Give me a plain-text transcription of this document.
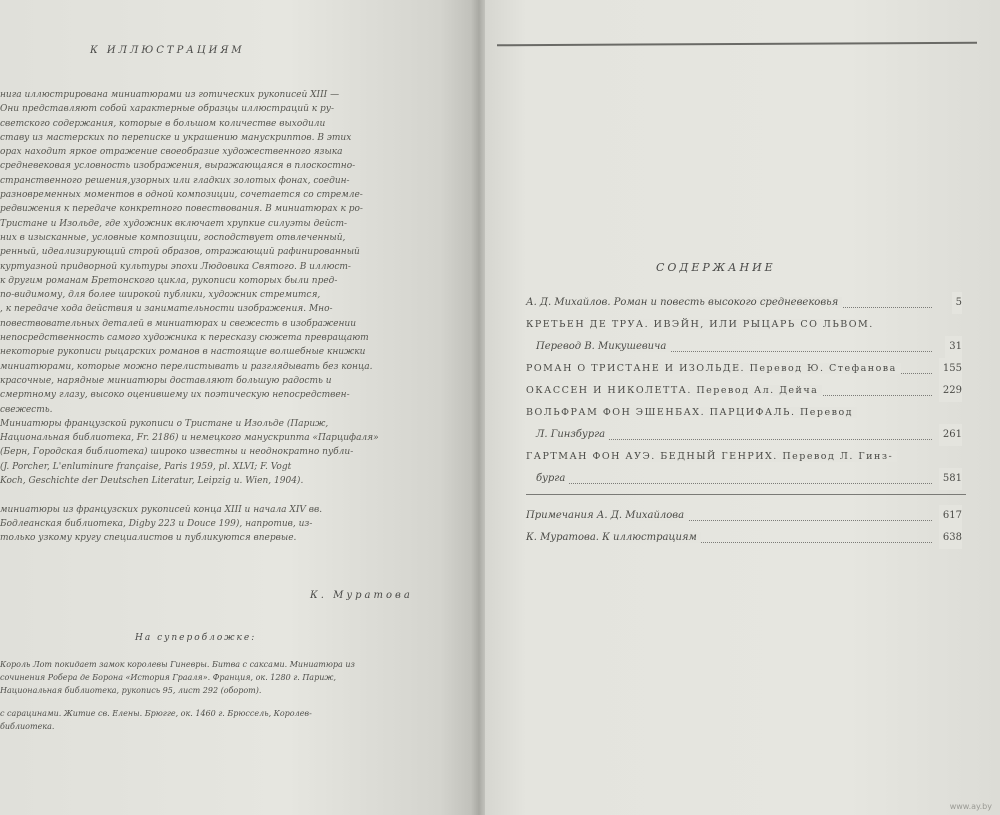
К ИЛЛЮСТРАЦИЯМ
нига иллюстрирована миниатюрами из готических рукописей XIII —
Они представляют собой характерные образцы иллюстраций к ру-
светского содержания, которые в большом количестве выходили
ставу из мастерских по переписке и украшению манускриптов. В этих
орах находит яркое отражение своеобразие художественного языка
средневековая условность изображения, выражающаяся в плоскостно-
странственного решения,узорных или гладких золотых фонах, соедин-
разновременных моментов в одной композиции, сочетается со стремле-
редвижения к передаче конкретного повествования. В миниатюрах к ро-
Тристане и Изольде, где художник включает хрупкие силуэты дейст-
них в изысканные, условные композиции, господствует отвлеченный,
ренный, идеализирующий строй образов, отражающий рафинированный
куртуазной придворной культуры эпохи Людовика Святого. В иллюст-
к другим романам Бретонского цикла, рукописи которых были пред-
по-видимому, для более широкой публики, художник стремится,
, к передаче хода действия и занимательности изображения. Мно-
повествовательных деталей в миниатюрах и свежесть в изображении
непосредственность самого художника к пересказу сюжета превращают
некоторые рукописи рыцарских романов в настоящие волшебные книжки
миниатюрами, которые можно перелистывать и разглядывать без конца.
красочные, нарядные миниатюры доставляют большую радость и
смертному глазу, высоко оценившему их поэтическую непосредствен-
свежесть.
Миниатюры французской рукописи о Тристане и Изольде (Париж,
Национальная библиотека, Fr. 2186) и немецкого манускрипта «Парцифаля»
(Берн, Городская библиотека) широко известны и неоднократно публи-
(J. Porcher, L'enluminure française, Paris 1959, pl. XLVI; F. Vogt
Koch, Geschichte der Deutschen Literatur, Leipzig u. Wien, 1904).
миниатюры из французских рукописей конца XIII и начала XIV вв.
Бодлеанская библиотека, Digby 223 и Douce 199), напротив, из-
только узкому кругу специалистов и публикуются впервые.
К. Муратова
На суперобложке:
Король Лот покидает замок королевы Гиневры. Битва с саксами. Миниатюра из
сочинения Робера де Борона «История Грааля». Франция, ок. 1280 г. Париж,
Национальная библиотека, рукопись 95, лист 292 (оборот).
с сарацинами. Житие св. Елены. Брюгге, ок. 1460 г. Брюссель, Королев-
библиотека.
СОДЕРЖАНИЕ
А. Д. Михайлов. Роман и повесть высокого средневековья	5
КРЕТЬЕН ДЕ ТРУА. ИВЭЙН, ИЛИ РЫЦАРЬ СО ЛЬВОМ.
Перевод В. Микушевича	31
РОМАН О ТРИСТАНЕ И ИЗОЛЬДЕ. Перевод Ю. Стефанова	155
ОКАССЕН И НИКОЛЕТТА. Перевод Ал. Дейча	229
ВОЛЬФРАМ ФОН ЭШЕНБАХ. ПАРЦИФАЛЬ. Перевод
Л. Гинзбурга	261
ГАРТМАН ФОН АУЭ. БЕДНЫЙ ГЕНРИХ. Перевод Л. Гинз-
бурга	581
Примечания А. Д. Михайлова	617
К. Муратова. К иллюстрациям	638
www.ay.by
